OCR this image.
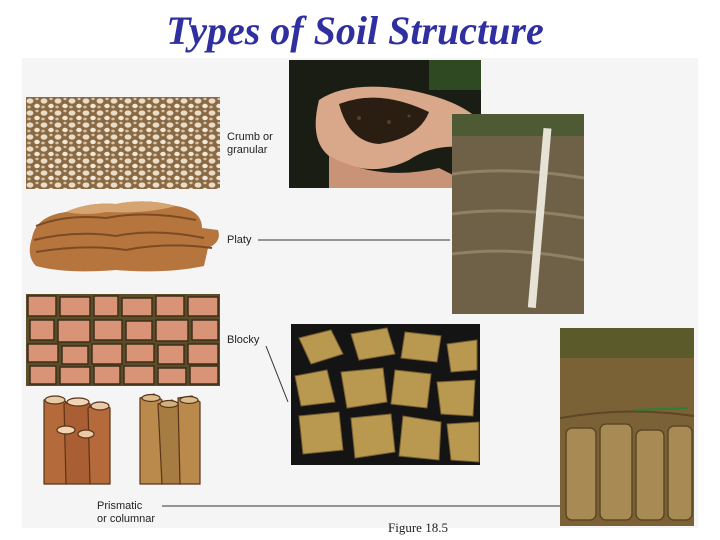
Types of Soil Structure
Crumb or
granular
Platy
Blocky
Prismatic
or columnar
Figure 18.5
